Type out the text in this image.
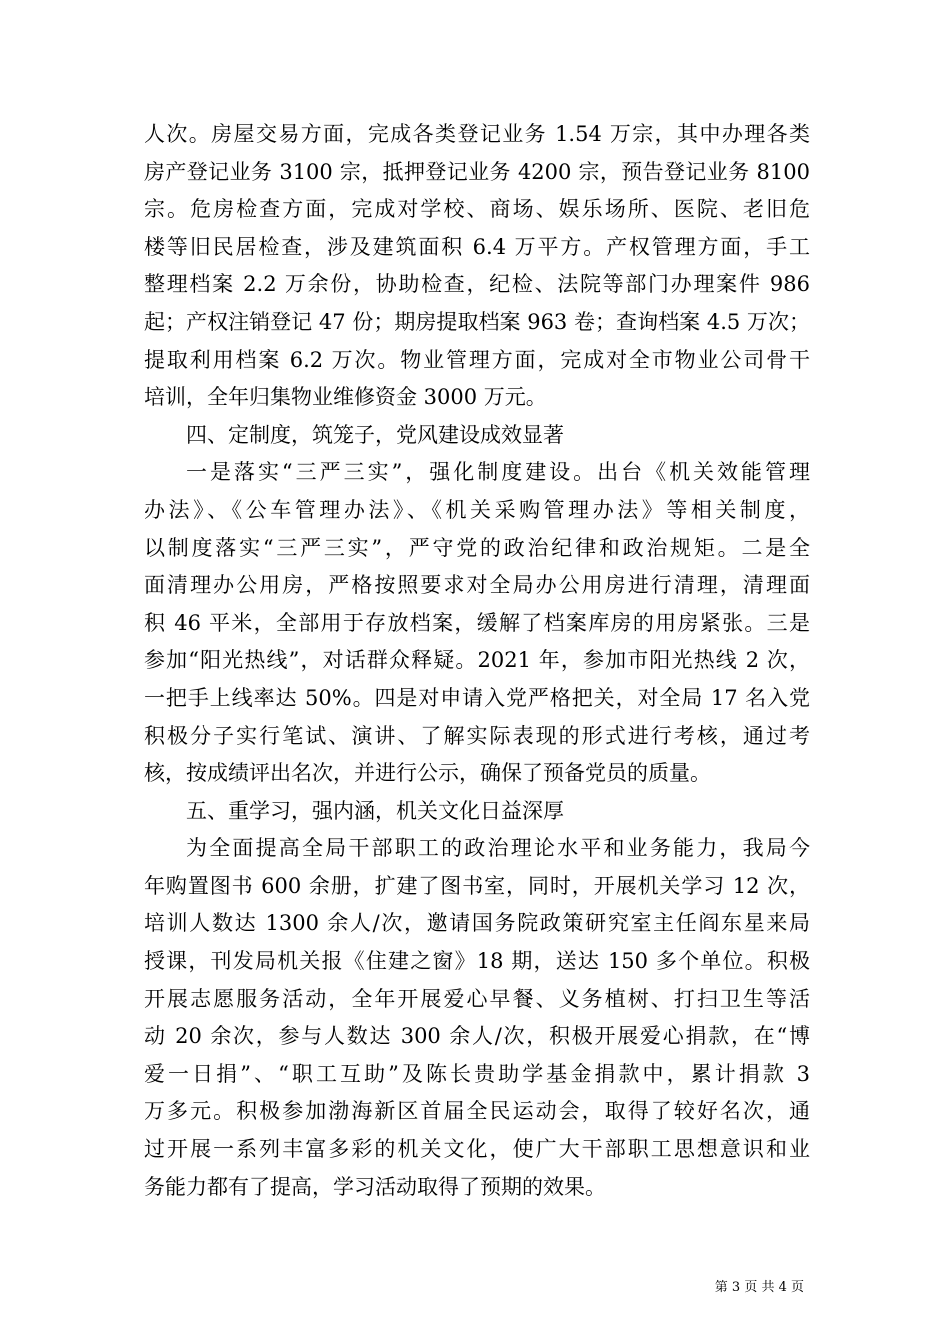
人次。房屋交易方面，完成各类登记业务 1.54 万宗，其中办理各类
房产登记业务 3100 宗，抵押登记业务 4200 宗，预告登记业务 8100
宗。危房检查方面，完成对学校、商场、娱乐场所、医院、老旧危
楼等旧民居检查，涉及建筑面积 6.4 万平方。产权管理方面，手工
整理档案 2.2 万余份，协助检查，纪检、法院等部门办理案件 986
起；产权注销登记 47 份；期房提取档案 963 卷；查询档案 4.5 万次；
提取利用档案 6.2 万次。物业管理方面，完成对全市物业公司骨干
培训，全年归集物业维修资金 3000 万元。
四、定制度，筑笼子，党风建设成效显著
一是落实“三严三实”，强化制度建设。出台《机关效能管理
办法》、《公车管理办法》、《机关采购管理办法》等相关制度，
以制度落实“三严三实”，严守党的政治纪律和政治规矩。二是全
面清理办公用房，严格按照要求对全局办公用房进行清理，清理面
积 46 平米，全部用于存放档案，缓解了档案库房的用房紧张。三是
参加“阳光热线”，对话群众释疑。2021 年，参加市阳光热线 2 次，
一把手上线率达 50%。四是对申请入党严格把关，对全局 17 名入党
积极分子实行笔试、演讲、了解实际表现的形式进行考核，通过考
核，按成绩评出名次，并进行公示，确保了预备党员的质量。
五、重学习，强内涵，机关文化日益深厚
为全面提高全局干部职工的政治理论水平和业务能力，我局今
年购置图书 600 余册，扩建了图书室，同时，开展机关学习 12 次，
培训人数达 1300 余人/次，邀请国务院政策研究室主任阎东星来局
授课，刊发局机关报《住建之窗》18 期，送达 150 多个单位。积极
开展志愿服务活动，全年开展爱心早餐、义务植树、打扫卫生等活
动 20 余次，参与人数达 300 余人/次，积极开展爱心捐款，在“博
爱一日捐”、“职工互助”及陈长贵助学基金捐款中，累计捐款 3
万多元。积极参加渤海新区首届全民运动会，取得了较好名次，通
过开展一系列丰富多彩的机关文化，使广大干部职工思想意识和业
务能力都有了提高，学习活动取得了预期的效果。
第 3 页 共 4 页
